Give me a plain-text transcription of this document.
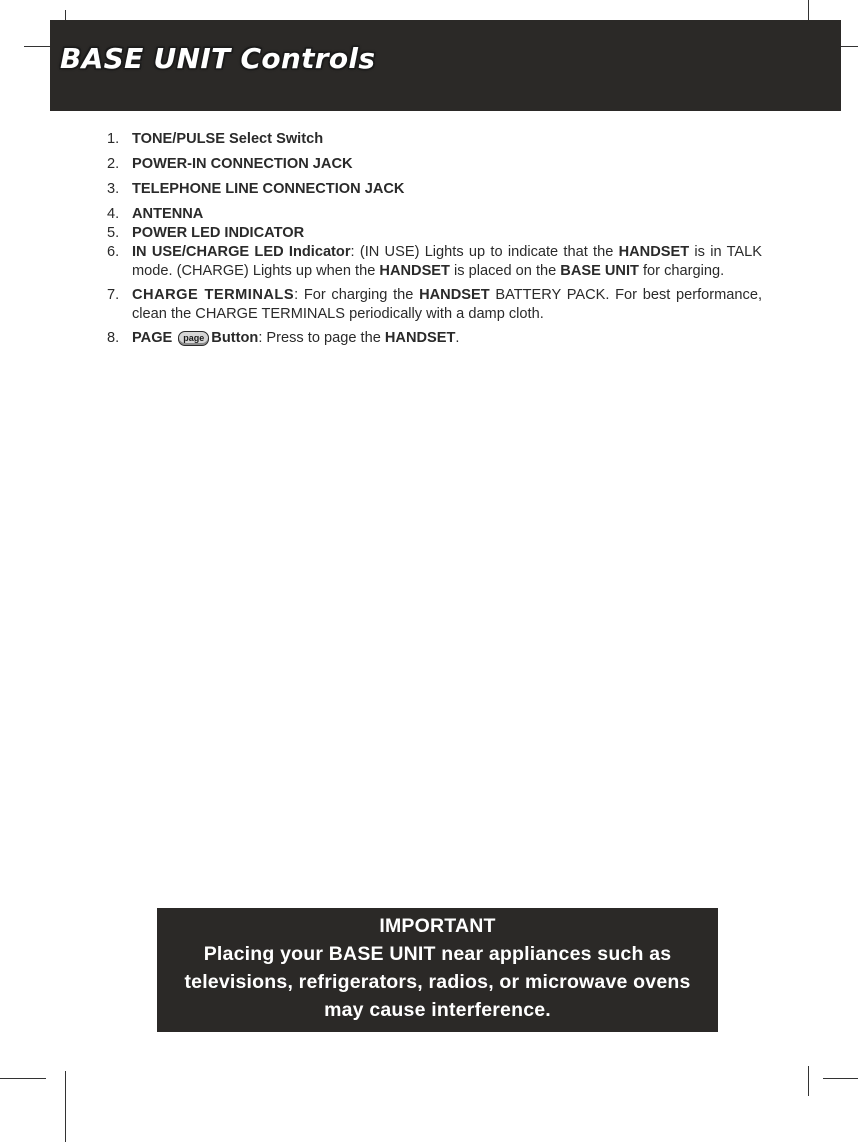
BASE UNIT Controls
1. TONE/PULSE Select Switch
2. POWER-IN CONNECTION JACK
3. TELEPHONE LINE CONNECTION JACK
4. ANTENNA
5. POWER LED INDICATOR
6. IN USE/CHARGE LED Indicator: (IN USE) Lights up to indicate that the HANDSET is in TALK mode. (CHARGE) Lights up when the HANDSET is placed on the BASE UNIT for charging.
7. CHARGE TERMINALS: For charging the HANDSET BATTERY PACK. For best performance, clean the CHARGE TERMINALS periodically with a damp cloth.
8. PAGE page Button: Press to page the HANDSET.

IMPORTANT

Placing your BASE UNIT near appliances such as

televisions, refrigerators, radios, or microwave ovens

may cause interference.
